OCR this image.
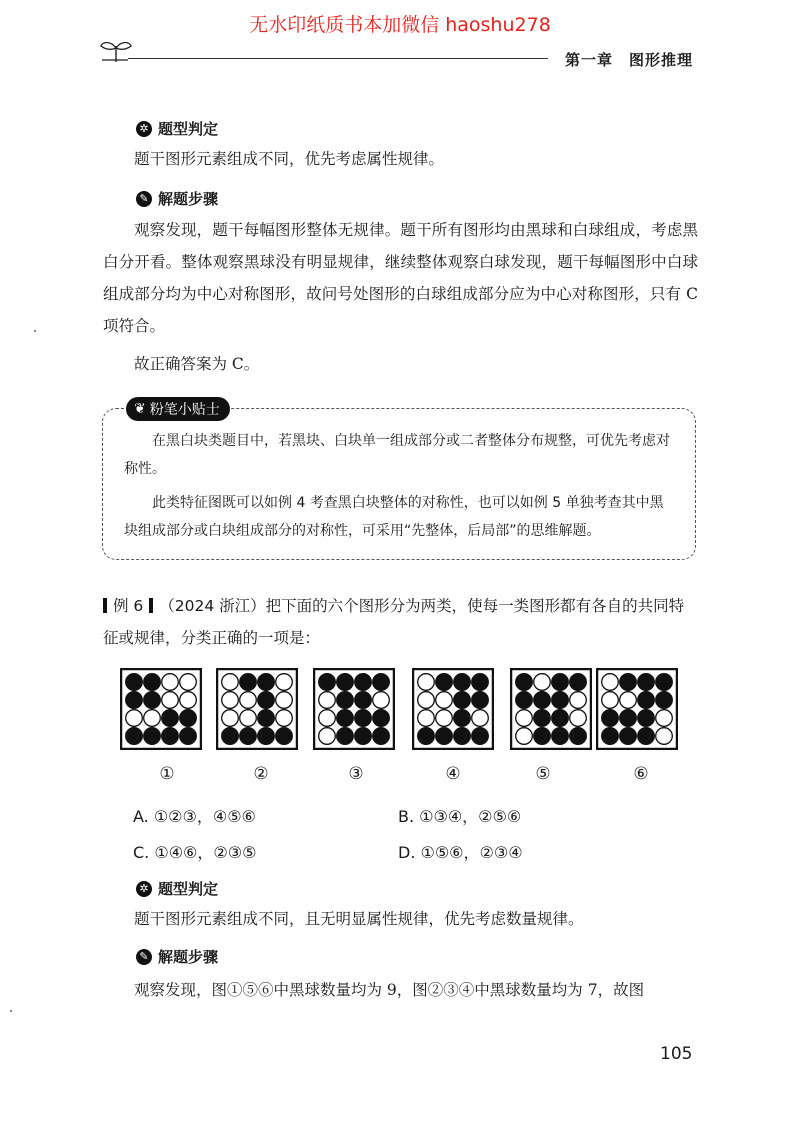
无水印纸质书本加微信 haoshu278
第一章　图形推理
✲ 题型判定

题干图形元素组成不同，优先考虑属性规律。

✎ 解题步骤

观察发现，题干每幅图形整体无规律。题干所有图形均由黑球和白球组成，考虑黑白分开看。整体观察黑球没有明显规律，继续整体观察白球发现，题干每幅图形中白球组成部分均为中心对称图形，故问号处图形的白球组成部分应为中心对称图形，只有 C 项符合。

故正确答案为 C。

❦ 粉笔小贴士

在黑白块类题目中，若黑块、白块单一组成部分或二者整体分布规整，可优先考虑对称性。

此类特征图既可以如例 4 考查黑白块整体的对称性，也可以如例 5 单独考查其中黑块组成部分或白块组成部分的对称性，可采用“先整体，后局部”的思维解题。

例 6 （2024 浙江）把下面的六个图形分为两类，使每一类图形都有各自的共同特征或规律，分类正确的一项是：
①	②	③	④	⑤	⑥
A. ①②③，④⑤⑥	B. ①③④，②⑤⑥
C. ①④⑥，②③⑤	D. ①⑤⑥，②③④
✲ 题型判定

题干图形元素组成不同，且无明显属性规律，优先考虑数量规律。

✎ 解题步骤

观察发现，图①⑤⑥中黑球数量均为 9，图②③④中黑球数量均为 7，故图

105
